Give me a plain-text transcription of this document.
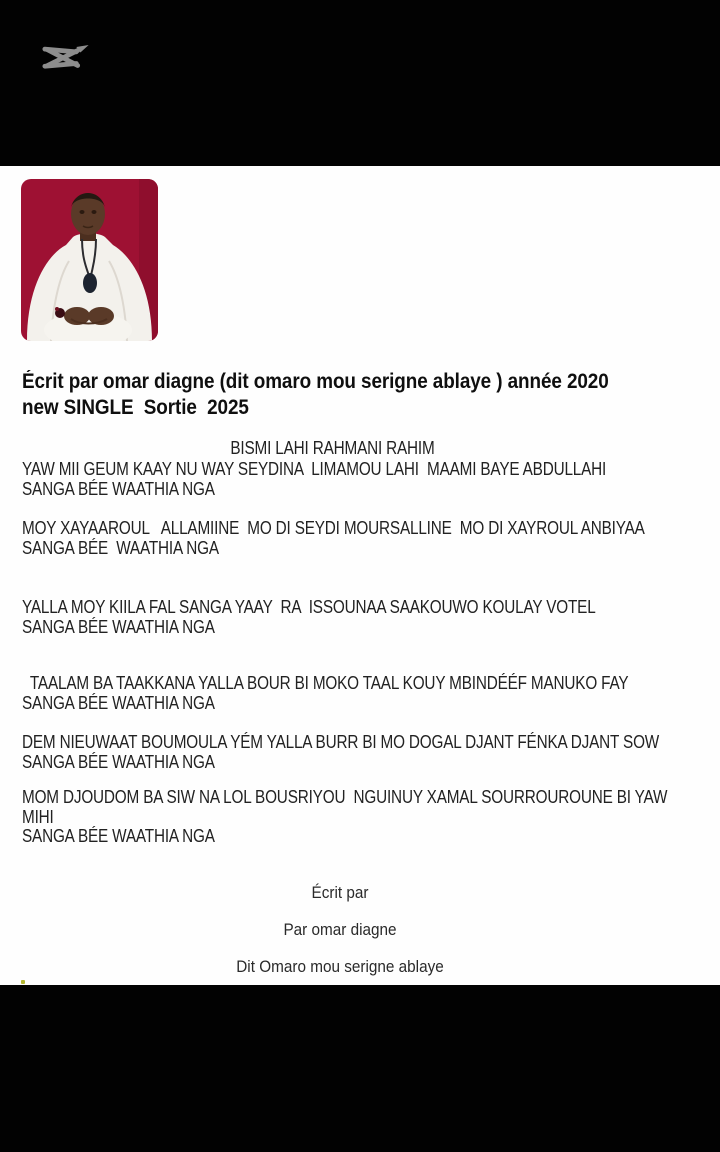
Écrit par omar diagne (dit omaro mou serigne ablaye ) année 2020
new SINGLE  Sortie  2025
BISMI LAHI RAHMANI RAHIM
YAW MII GEUM KAAY NU WAY SEYDINA  LIMAMOU LAHI  MAAMI BAYE ABDULLAHI
SANGA BÉE WAATHIA NGA
MOY XAYAAROUL   ALLAMIINE  MO DI SEYDI MOURSALLINE  MO DI XAYROUL ANBIYAA
SANGA BÉE  WAATHIA NGA
YALLA MOY KIILA FAL SANGA YAAY  RA  ISSOUNAA SAAKOUWO KOULAY VOTEL
SANGA BÉE WAATHIA NGA
TAALAM BA TAAKKANA YALLA BOUR BI MOKO TAAL KOUY MBINDÉÉF MANUKO FAY
SANGA BÉE WAATHIA NGA
DEM NIEUWAAT BOUMOULA YÉM YALLA BURR BI MO DOGAL DJANT FÉNKA DJANT SOW
SANGA BÉE WAATHIA NGA
MOM DJOUDOM BA SIW NA LOL BOUSRIYOU  NGUINUY XAMAL SOURROUROUNE BI YAW
MIHI
SANGA BÉE WAATHIA NGA
Écrit par
Par omar diagne
Dit Omaro mou serigne ablaye
